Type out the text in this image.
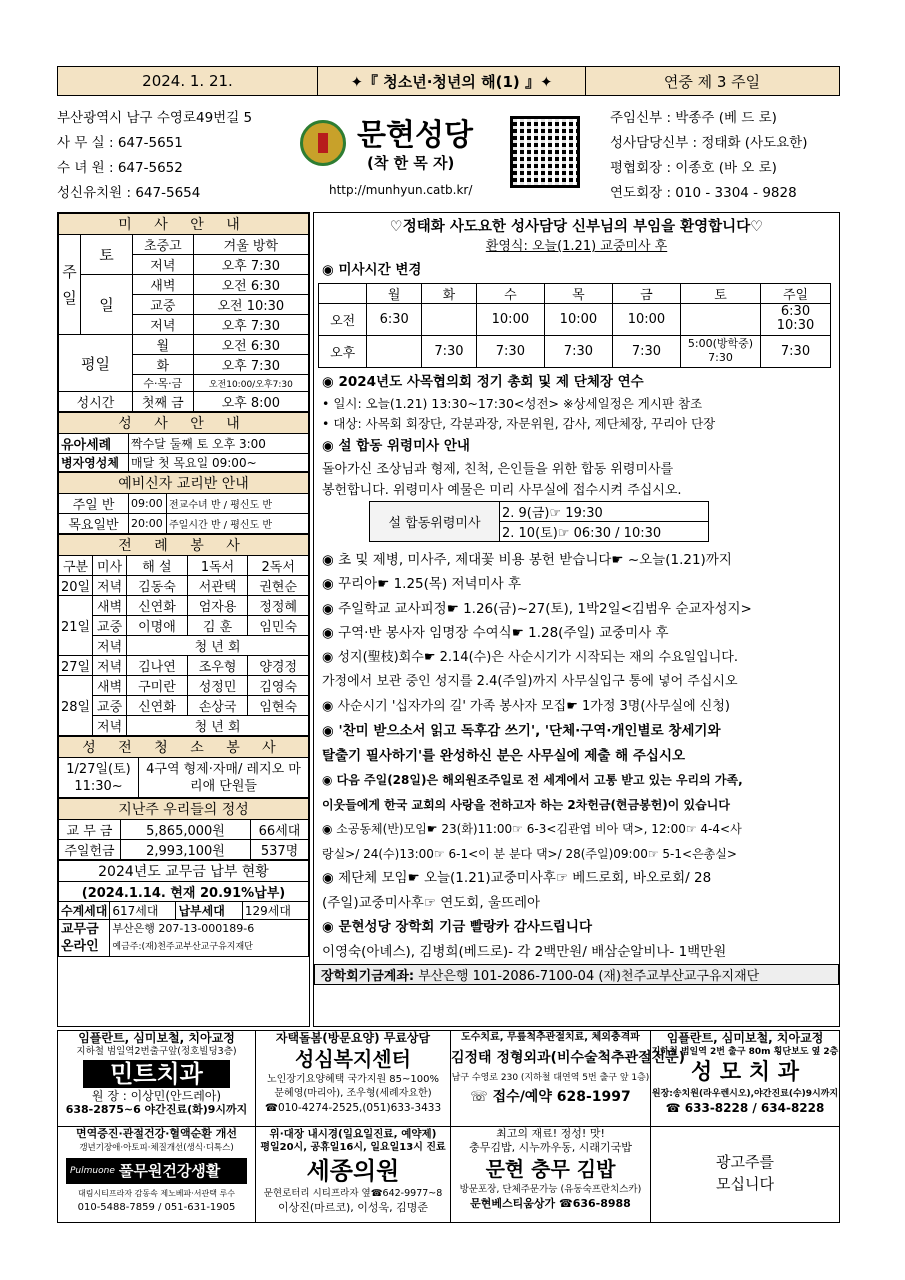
2024. 1. 21.	✦『 청소년·청년의 해(1) 』✦	연중 제 3 주일
부산광역시 남구 수영로49번길 5
사 무 실 : 647-5651
수 녀 원 : 647-5652
성신유치원 : 647-5654
문현성당
(착 한 목 자)
http://munhyun.catb.kr/
주임신부 : 박종주 (베 드 로)
성사담당신부 : 정태화 (사도요한)
평협회장 : 이종호 (바 오 로)
연도회장 : 010 - 3304 - 9828
미 사 안 내			
주
일	토	초중고	겨울 방학
		저녁	오후 7:30
	일	새벽	오전 6:30
		교중	오전 10:30
		저녁	오후 7:30
평일		월	오전 6:30
		화	오후 7:30
		수·목·금	오전10:00/오후7:30
성시간		첫째 금	오후 8:00
성 사 안 내	
유아세례	짝수달 둘째 토 오후 3:00
병자영성체	매달 첫 목요일 09:00~
예비신자 교리반 안내		
주일 반	09:00	전교수녀 반 / 평신도 반
목요일반	20:00	주일시간 반 / 평신도 반
전 례 봉 사				
구분	미사	해 설	1독서	2독서
20일	저녁	김동숙	서관택	권현순
21일	새벽	신연화	엄자용	정정혜
	교중	이명애	김 훈	임민숙
	저녁	청 년 회		
27일	저녁	김나연	조우형	양경정
28일	새벽	구미란	성정민	김영숙
	교중	신연화	손상국	임현숙
	저녁	청 년 회		
성 전 청 소 봉 사
1/27일(토) 11:30~	4구역 형제·자매/ 레지오 마리애 단원들
지난주 우리들의 정성		
교 무 금	5,865,000원	66세대
주일헌금	2,993,100원	537명
2024년도 교무금 납부 현황			
(2024.1.14. 현재 20.91%납부)			
수계세대	617세대	납부세대	129세대
교무금 온라인	부산은행 207-13-000189-6
예금주:(재)천주교부산교구유지재단		
♡정태화 사도요한 성사담당 신부님의 부임을 환영합니다♡
환영식: 오늘(1.21) 교중미사 후
◉ 미사시간 변경
	월	화	수	목	금	토	주일
오전	6:30		10:00	10:00	10:00		6:30 10:30
오후		7:30	7:30	7:30	7:30	5:00(방학중) 7:30	7:30
◉ 2024년도 사목협의회 정기 총회 및 제 단체장 연수
• 일시: 오늘(1.21) 13:30~17:30<성전> ※상세일정은 게시판 참조
• 대상: 사목회 회장단, 각분과장, 자문위원, 감사, 제단체장, 꾸리아 단장
◉ 설 합동 위령미사 안내
돌아가신 조상님과 형제, 친척, 은인들을 위한 합동 위령미사를
봉헌합니다. 위령미사 예물은 미리 사무실에 접수시켜 주십시오.
설 합동위령미사	2. 9(금)☞ 19:30
2. 10(토)☞ 06:30 / 10:30
◉ 초 및 제병, 미사주, 제대꽃 비용 봉헌 받습니다☛ ~오늘(1.21)까지
◉ 꾸리아☛ 1.25(목) 저녁미사 후
◉ 주일학교 교사피정☛ 1.26(금)~27(토), 1박2일<김범우 순교자성지>
◉ 구역·반 봉사자 임명장 수여식☛ 1.28(주일) 교중미사 후
◉ 성지(聖枝)회수☛ 2.14(수)은 사순시기가 시작되는 재의 수요일입니다.
가정에서 보관 중인 성지를 2.4(주일)까지 사무실입구 통에 넣어 주십시오
◉ 사순시기 '십자가의 길' 가족 봉사자 모집☛ 1가정 3명(사무실에 신청)
◉ '찬미 받으소서 읽고 독후감 쓰기', '단체·구역·개인별로 창세기와
탈출기 필사하기'를 완성하신 분은 사무실에 제출 해 주십시오
◉ 다음 주일(28일)은 해외원조주일로 전 세계에서 고통 받고 있는 우리의 가족,
이웃들에게 한국 교회의 사랑을 전하고자 하는 2차헌금(현금봉헌)이 있습니다
◉ 소공동체(반)모임☛ 23(화)11:00☞ 6-3<김관엽 비아 댁>, 12:00☞ 4-4<사
랑실>/ 24(수)13:00☞ 6-1<이 분 분다 댁>/ 28(주일)09:00☞ 5-1<은총실>
◉ 제단체 모임☛ 오늘(1.21)교중미사후☞ 베드로회, 바오로회/ 28
(주일)교중미사후☞ 연도회, 울뜨레아
◉ 문현성당 장학회 기금 빨랑카 감사드립니다
이영숙(아녜스), 김병희(베드로)- 각 2백만원/ 배삼순알비나- 1백만원
장학회기금계좌: 부산은행 101-2086-7100-04 (재)천주교부산교구유지재단
임플란트, 심미보철, 치아교정
지하철 범일역2번출구앞(정호빌딩3층)
민트치과
원 장 : 이상민(안드레아)
638-2875~6 야간진료(화)9시까지
자택돌봄(방문요양) 무료상담
성심복지센터
노인장기요양혜택 국가지원 85~100%
문혜영(마리아), 조우형(세례자요한)
☎010-4274-2525,(051)633-3433
도수치료, 무릎척추관절치료, 체외충격파
김정태 정형외과(비수술척추관절전문)
남구 수영로 230 (지하철 대연역 5번 출구 앞 1층)
☏ 접수/예약 628-1997
임플란트, 심미보철, 치아교정
지하철 범일역 2번 출구 80m 횡단보도 옆 2층
성 모 치 과
원장:송치원(라우렌시오),야간진료(수)9시까지
☎ 633-8228 / 634-8228
면역증진·관절건강·혈액순환 개선
갱년기장애·아토피·체질개선(생식·디톡스)
Pulmuone 풀무원건강생활
대림시티프라자 감동속 제노베파·서관택 루수
010-5488-7859 / 051-631-1905
위·대장 내시경(일요일진료, 예약제)
평일20시, 공휴일16시, 일요일13시 진료
세종의원
문현로터리 시티프라자 옆☎642-9977~8
이상진(마르코), 이성욱, 김명준
최고의 재료! 정성! 맛!
충무김밥, 시누까우동, 시래기국밥
문현 충무 김밥
방문포장, 단체주문가능 (유동숙프란치스카)
문현베스티움상가 ☎636-8988
광고주를
모십니다
